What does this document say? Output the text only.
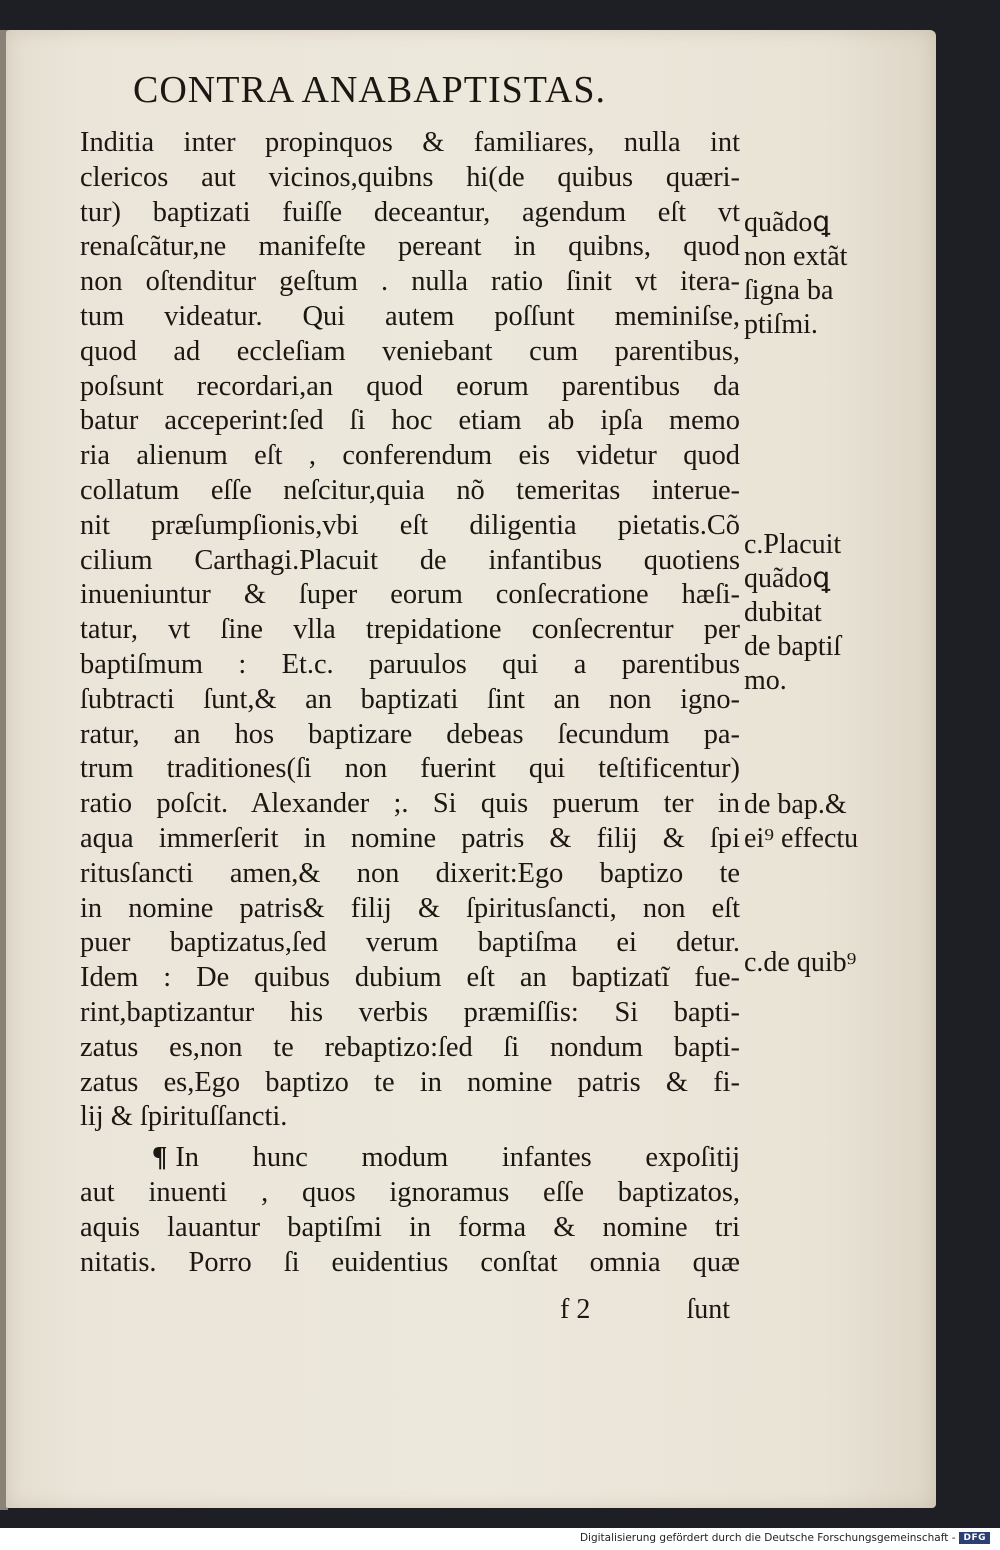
CONTRA ANABAPTISTAS.
Inditia inter propinquos & familiares, nulla int
clericos aut vicinos,quibns hi(de quibus quæri-
tur) baptizati fuiſſe deceantur, agendum eſt vt
renaſcãtur,ne manifeſte pereant in quibns, quod
non oſtenditur geſtum . nulla ratio ſinit vt itera-
tum videatur. Qui autem poſſunt meminiſse,
quod ad eccleſiam veniebant cum parentibus,
poſsunt recordari,an quod eorum parentibus da
batur acceperint:ſed ſi hoc etiam ab ipſa memo
ria alienum eſt , conferendum eis videtur quod
collatum eſſe neſcitur,quia nõ temeritas interue-
nit præſumpſionis,vbi eſt diligentia pietatis.Cõ
cilium Carthagi.Placuit de infantibus quotiens
inueniuntur & ſuper eorum conſecratione hæſi-
tatur, vt ſine vlla trepidatione conſecrentur per
baptiſmum : Et.c. paruulos qui a parentibus
ſubtracti ſunt,& an baptizati ſint an non igno-
ratur, an hos baptizare debeas ſecundum pa-
trum traditiones(ſi non fuerint qui teſtificentur)
ratio poſcit. Alexander ;. Si quis puerum ter in
aqua immerſerit in nomine patris & filij & ſpi
ritusſancti amen,& non dixerit:Ego baptizo te
in nomine patris& filij & ſpiritusſancti, non eſt
puer baptizatus,ſed verum baptiſma ei detur.
Idem : De quibus dubium eſt an baptizatĩ fue-
rint,baptizantur his verbis præmiſſis: Si bapti-
zatus es,non te rebaptizo:ſed ſi nondum bapti-
zatus es,Ego baptizo te in nomine patris & fi-
lij & ſpirituſſancti.
¶ In hunc modum infantes expoſitij
aut inuenti , quos ignoramus eſſe baptizatos,
aquis lauantur baptiſmi in forma & nomine tri
nitatis. Porro ſi euidentius conſtat omnia quæ
f 2	ſunt
quãdoꝗ
non extãt
ſigna ba
ptiſmi.
c.Placuit
quãdoꝗ
dubitat
de baptiſ
mo.
de bap.&
ei⁹ effectu
c.de quib⁹
Digitalisierung gefördert durch die Deutsche Forschungsgemeinschaft - DFG
